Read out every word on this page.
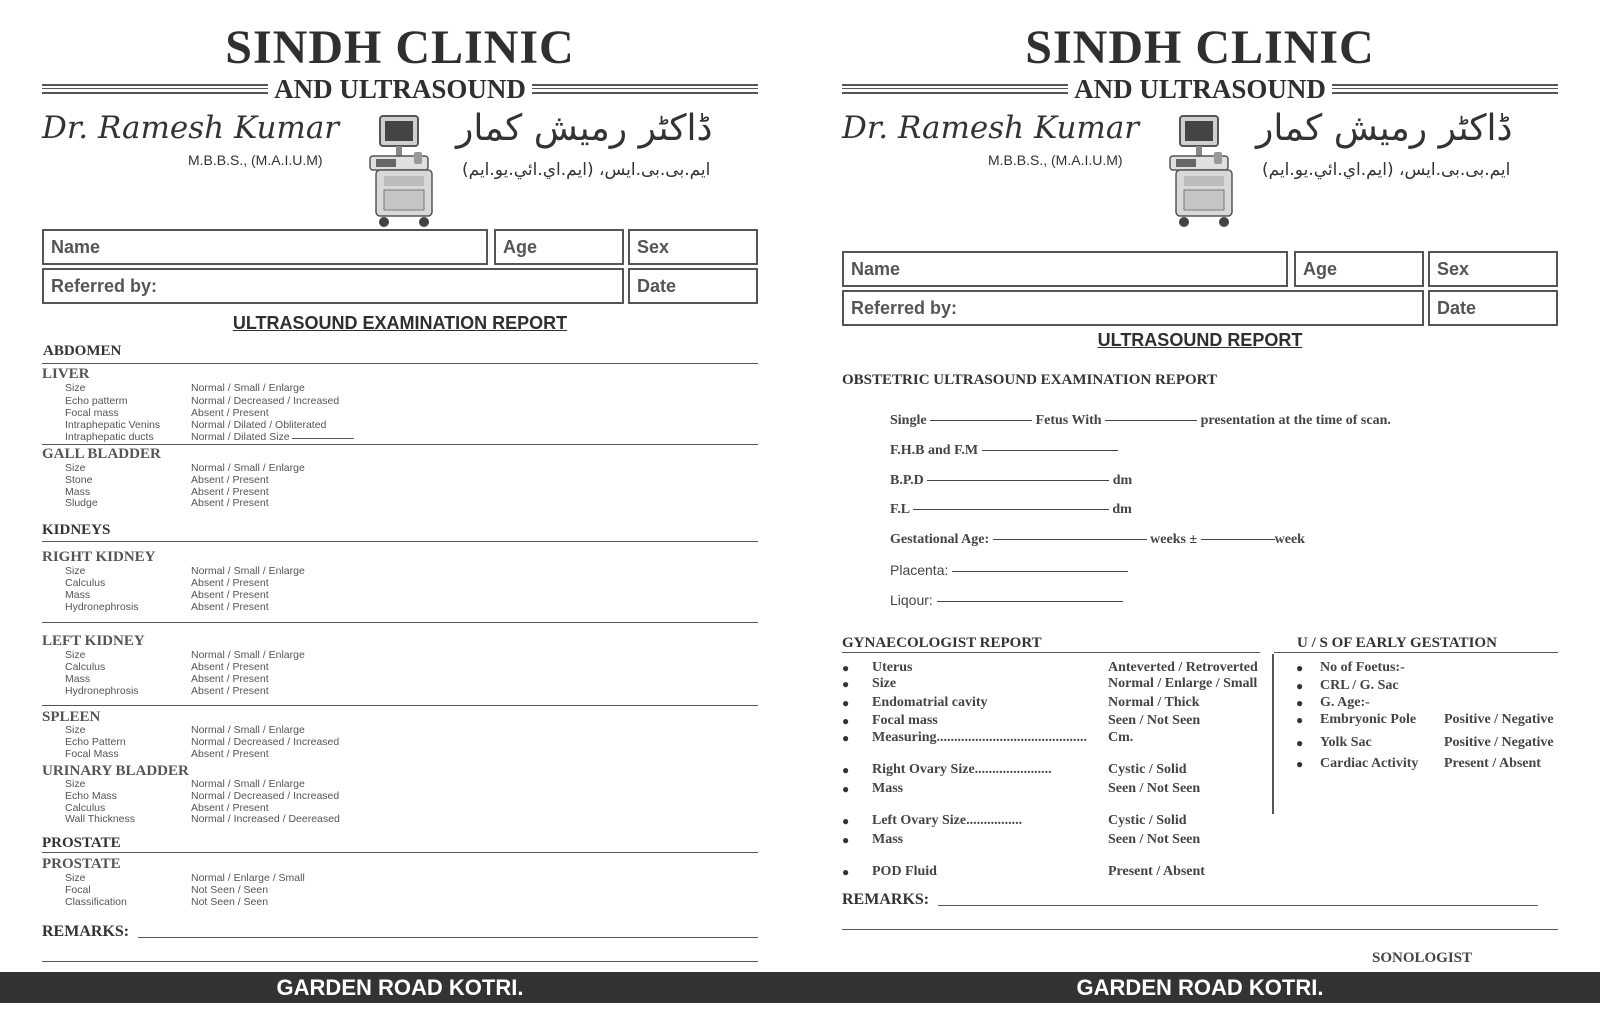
SINDH CLINIC
AND ULTRASOUND
Dr. Ramesh Kumar
M.B.B.S., (M.A.I.U.M)
ڈاکٹر رمیش کمار
ایم.بی.بی.ایس، (ایم.اي.ائي.يو.ايم)
Name	Age	Sex
Referred by:	Date
ULTRASOUND EXAMINATION REPORT
ABDOMEN
LIVER
Size	Normal / Small / Enlarge
Echo patterm	Normal / Decreased / Increased
Focal mass	Absent / Present
Intraphepatic Venins	Normal / Dilated / Obliterated
Intraphepatic ducts	Normal / Dilated Size
GALL BLADDER
Size	Normal / Small / Enlarge
Stone	Absent / Present
Mass	Absent / Present
Sludge	Absent / Present
KIDNEYS
RIGHT KIDNEY
Size	Normal / Small / Enlarge
Calculus	Absent / Present
Mass	Absent / Present
Hydronephrosis	Absent / Present
LEFT KIDNEY
Size	Normal / Small / Enlarge
Calculus	Absent / Present
Mass	Absent / Present
Hydronephrosis	Absent / Present
SPLEEN
Size	Normal / Small / Enlarge
Echo Pattern	Normal / Decreased / Increased
Focal Mass	Absent / Present
URINARY BLADDER
Size	Normal / Small / Enlarge
Echo Mass	Normal / Decreased / Increased
Calculus	Absent / Present
Wall Thickness	Normal / Increased / Deereased
PROSTATE
PROSTATE
Size	Normal / Enlarge / Small
Focal	Not Seen / Seen
Classification	Not Seen / Seen
REMARKS:
GARDEN ROAD KOTRI.
SINDH CLINIC
AND ULTRASOUND
Dr. Ramesh Kumar
M.B.B.S., (M.A.I.U.M)
ڈاکٹر رمیش کمار
ایم.بی.بی.ایس، (ایم.اي.ائي.يو.ايم)
Name	Age	Sex
Referred by:	Date
ULTRASOUND REPORT
OBSTETRIC ULTRASOUND EXAMINATION REPORT
Single	Fetus With	presentation at the time of scan.
F.H.B and F.M
B.P.D	dm
F.L	dm
Gestational Age:	weeks ±	week
Placenta:
Liqour:
GYNAECOLOGIST REPORT
● Uterus	Anteverted / Retroverted
● Size	Normal / Enlarge / Small
● Endomatrial cavity	Normal / Thick
● Focal mass	Seen / Not Seen
● Measuring........................................... Cm.
● Right Ovary Size......................	Cystic / Solid
● Mass	Seen / Not Seen
● Left Ovary Size................	Cystic / Solid
● Mass	Seen / Not Seen
● POD Fluid	Present / Absent
U / S OF EARLY GESTATION
● No of Foetus:-
● CRL / G. Sac
● G. Age:-
● Embryonic Pole Positive / Negative
● Yolk Sac	Positive / Negative
● Cardiac Activity Present / Absent
REMARKS:
SONOLOGIST
GARDEN ROAD KOTRI.
